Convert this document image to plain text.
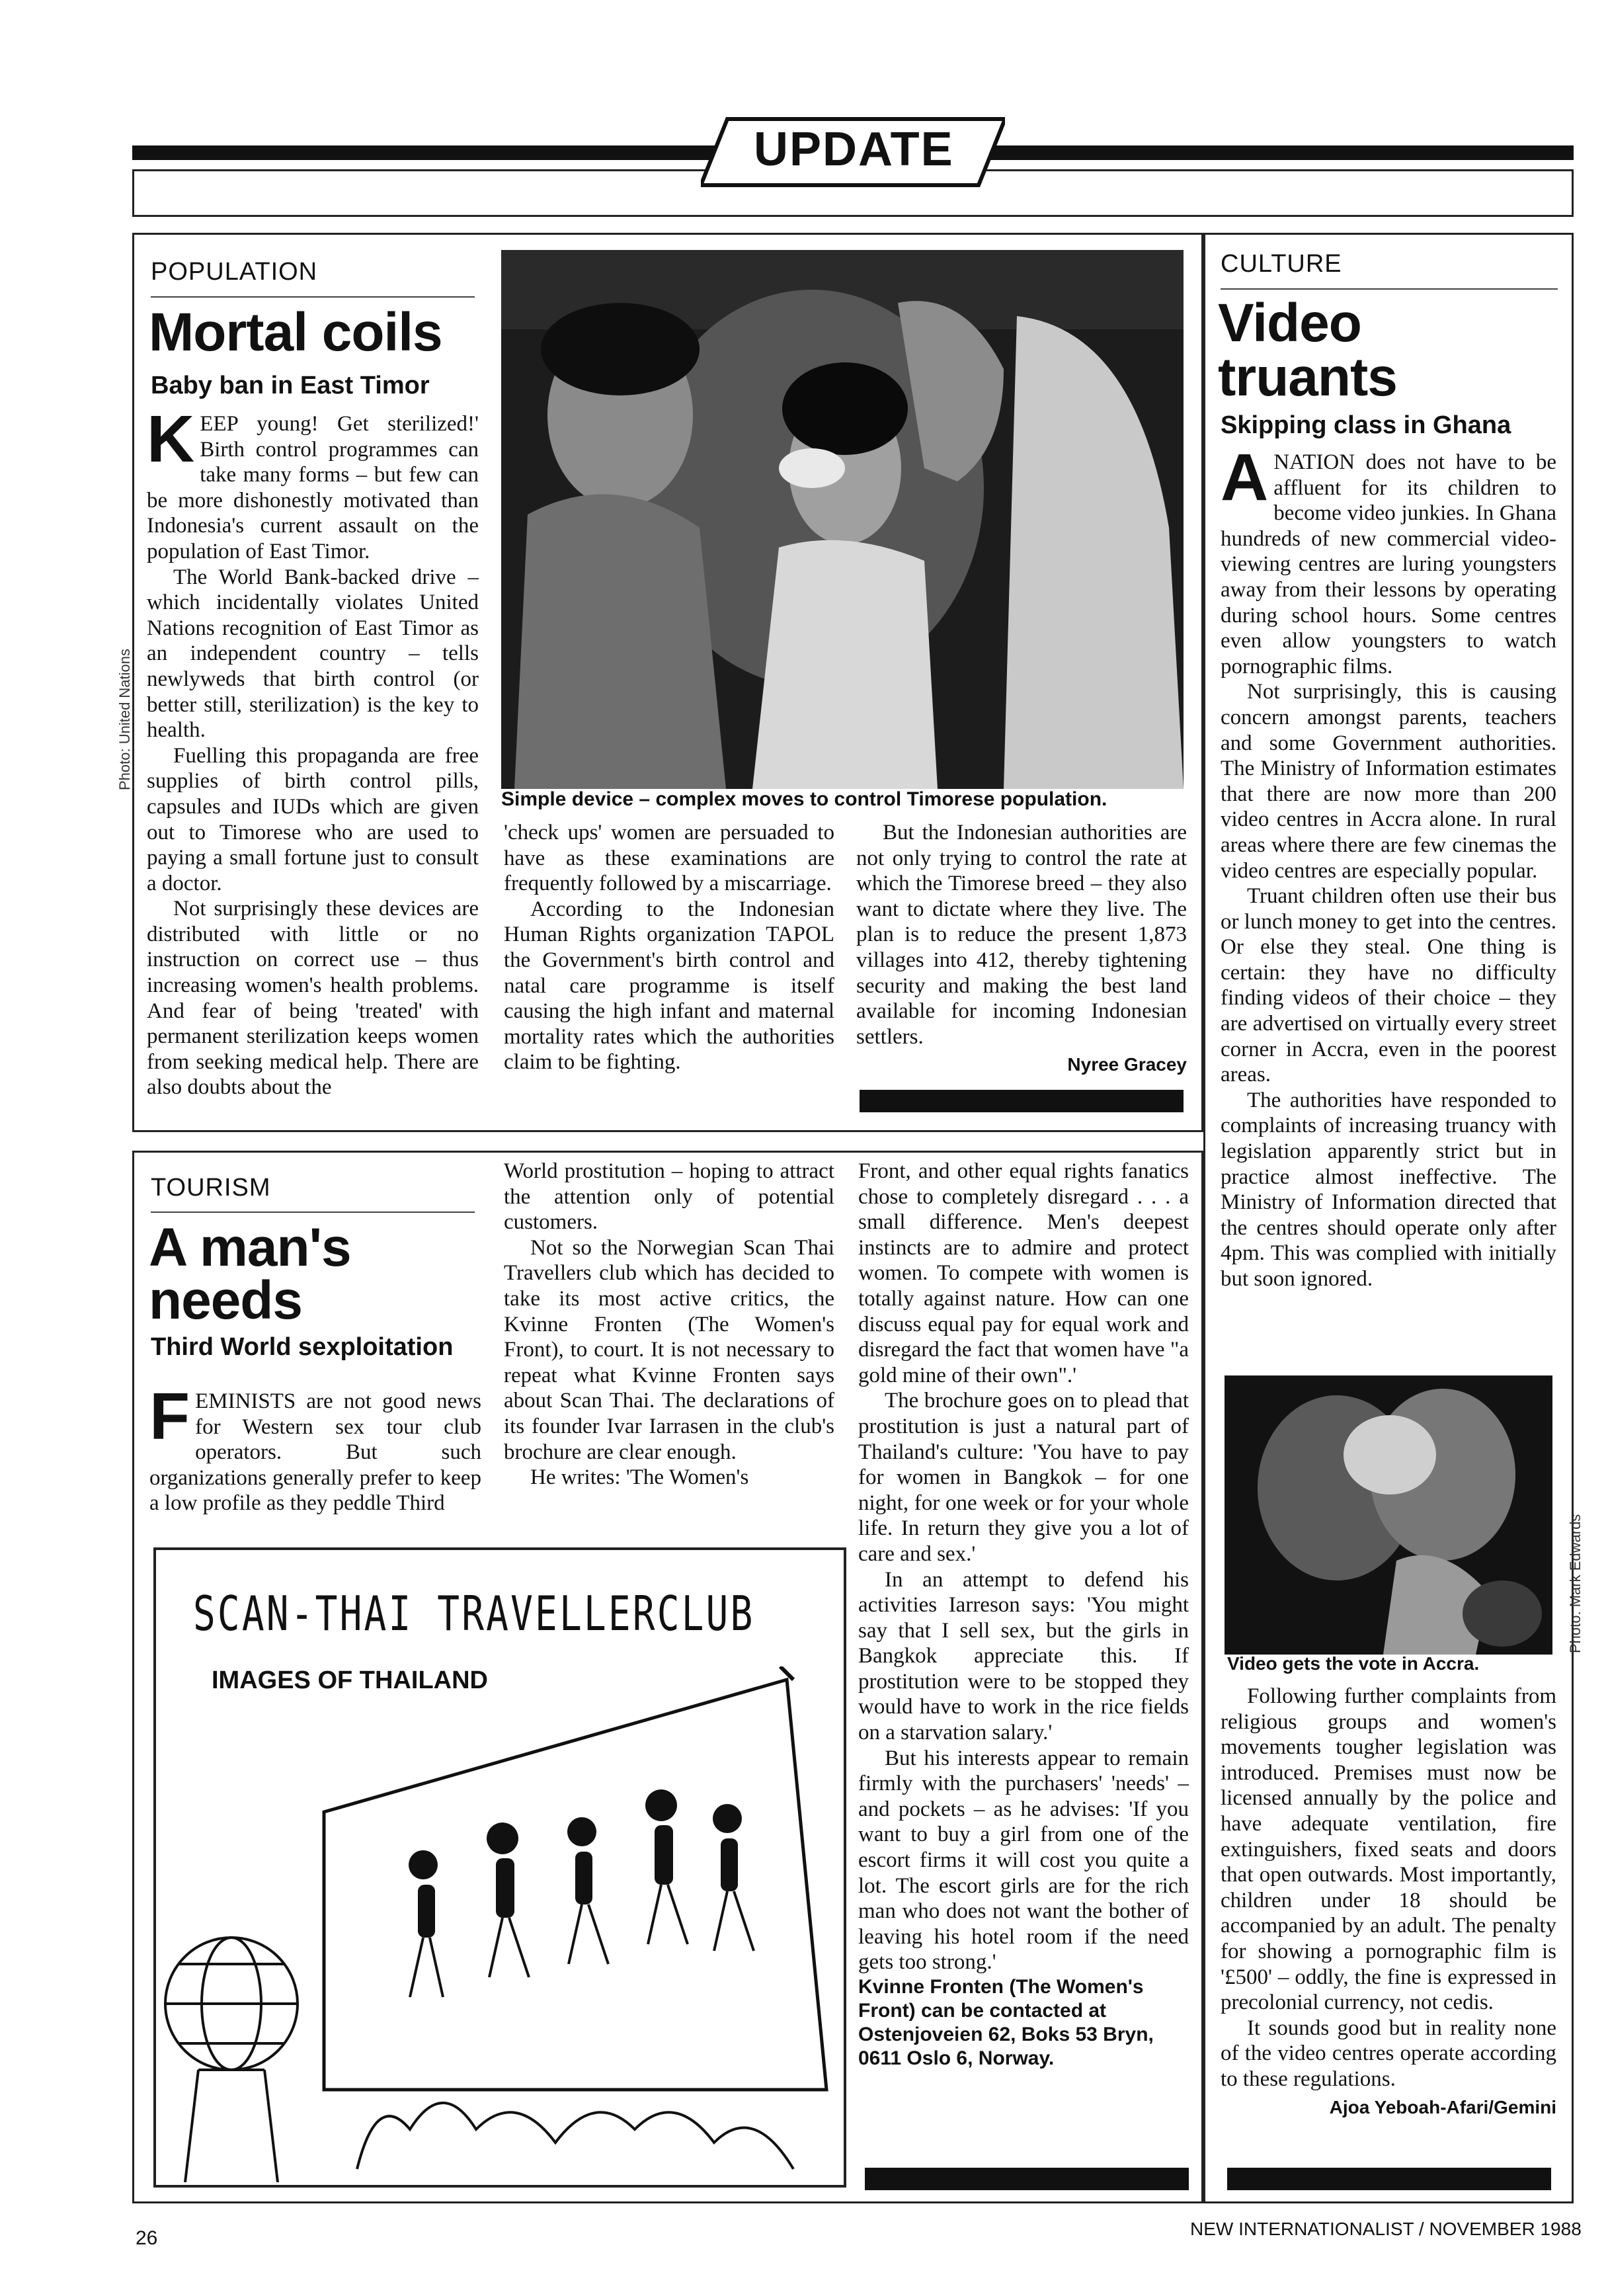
UPDATE
POPULATION
Mortal coils
Baby ban in East Timor

KEEP young! Get sterilized!' Birth control programmes can take many forms – but few can be more dishonestly motivated than Indonesia's current assault on the population of East Timor.

The World Bank-backed drive – which incidentally violates United Nations recognition of East Timor as an independent country – tells newlyweds that birth control (or better still, sterilization) is the key to health.

Fuelling this propaganda are free supplies of birth control pills, capsules and IUDs which are given out to Timorese who are used to paying a small fortune just to consult a doctor.

Not surprisingly these devices are distributed with little or no instruction on correct use – thus increasing women's health problems. And fear of being 'treated' with permanent sterilization keeps women from seeking medical help. There are also doubts about the

Simple device – complex moves to control Timorese population.
Photo: United Nations

'check ups' women are persuaded to have as these examinations are frequently followed by a miscarriage.

According to the Indonesian Human Rights organization TAPOL the Government's birth control and natal care programme is itself causing the high infant and maternal mortality rates which the authorities claim to be fighting.

But the Indonesian authorities are not only trying to control the rate at which the Timorese breed – they also want to dictate where they live. The plan is to reduce the present 1,873 villages into 412, thereby tightening security and making the best land available for incoming Indonesian settlers.

Nyree Gracey

CULTURE
Video
truants
Skipping class in Ghana

ANATION does not have to be affluent for its children to become video junkies. In Ghana hundreds of new commercial video-viewing centres are luring youngsters away from their lessons by operating during school hours. Some centres even allow youngsters to watch pornographic films.

Not surprisingly, this is causing concern amongst parents, teachers and some Government authorities. The Ministry of Information estimates that there are now more than 200 video centres in Accra alone. In rural areas where there are few cinemas the video centres are especially popular.

Truant children often use their bus or lunch money to get into the centres. Or else they steal. One thing is certain: they have no difficulty finding videos of their choice – they are advertised on virtually every street corner in Accra, even in the poorest areas.

The authorities have responded to complaints of increasing truancy with legislation apparently strict but in practice almost ineffective. The Ministry of Information directed that the centres should operate only after 4pm. This was complied with initially but soon ignored.

Video gets the vote in Accra.
Photo: Mark Edwards

Following further complaints from religious groups and women's movements tougher legislation was introduced. Premises must now be licensed annually by the police and have adequate ventilation, fire extinguishers, fixed seats and doors that open outwards. Most importantly, children under 18 should be accompanied by an adult. The penalty for showing a pornographic film is '£500' – oddly, the fine is expressed in precolonial currency, not cedis.

It sounds good but in reality none of the video centres operate according to these regulations.

Ajoa Yeboah-Afari/Gemini

TOURISM
A man's
needs
Third World sexploitation

FEMINISTS are not good news for Western sex tour club operators. But such organizations generally prefer to keep a low profile as they peddle Third

World prostitution – hoping to attract the attention only of potential customers.

Not so the Norwegian Scan Thai Travellers club which has decided to take its most active critics, the Kvinne Fronten (The Women's Front), to court. It is not necessary to repeat what Kvinne Fronten says about Scan Thai. The declarations of its founder Ivar Iarrasen in the club's brochure are clear enough.

He writes: 'The Women's

Front, and other equal rights fanatics chose to completely disregard . . . a small difference. Men's deepest instincts are to admire and protect women. To compete with women is totally against nature. How can one discuss equal pay for equal work and disregard the fact that women have "a gold mine of their own".'

The brochure goes on to plead that prostitution is just a natural part of Thailand's culture: 'You have to pay for women in Bangkok – for one night, for one week or for your whole life. In return they give you a lot of care and sex.'

In an attempt to defend his activities Iarreson says: 'You might say that I sell sex, but the girls in Bangkok appreciate this. If prostitution were to be stopped they would have to work in the rice fields on a starvation salary.'

But his interests appear to remain firmly with the purchasers' 'needs' – and pockets – as he advises: 'If you want to buy a girl from one of the escort firms it will cost you quite a lot. The escort girls are for the rich man who does not want the bother of leaving his hotel room if the need gets too strong.'

Kvinne Fronten (The Women's Front) can be contacted at Ostenjoveien 62, Boks 53 Bryn, 0611 Oslo 6, Norway.

SCAN-THAI TRAVELLERCLUB
IMAGES OF THAILAND
26	NEW INTERNATIONALIST / NOVEMBER 1988
